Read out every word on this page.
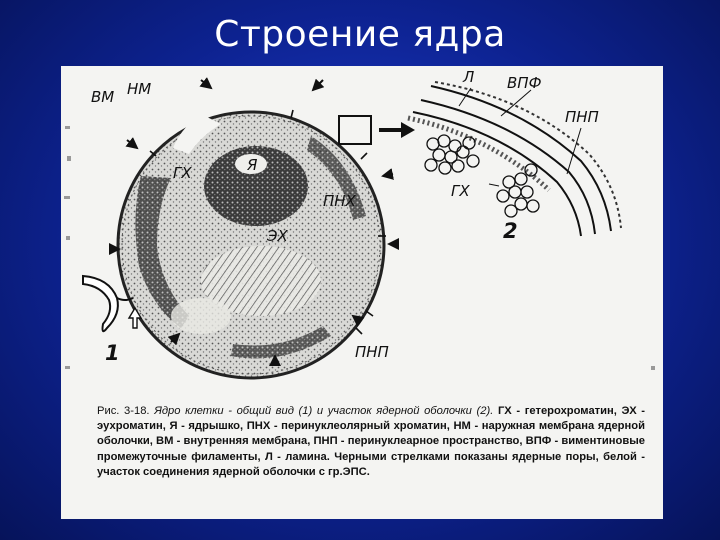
Строение ядра
ВМ НМ
ГХ	Я
ПНХ
ЭХ
ПНП
1
Л ВПФ
ПНП
ГХ
2
Рис. 3-18. Ядро клетки - общий вид (1) и участок ядерной оболочки (2). ГХ - гетерохроматин, ЭХ - эухроматин, Я - ядрышко, ПНХ - перинуклеолярный хроматин, НМ - наружная мембрана ядерной оболочки, ВМ - внутренняя мембрана, ПНП - перинуклеарное пространство, ВПФ - виментиновые промежуточные филаменты, Л - ламина. Черными стрелками показаны ядерные поры, белой - участок соединения ядерной оболочки с гр.ЭПС.
